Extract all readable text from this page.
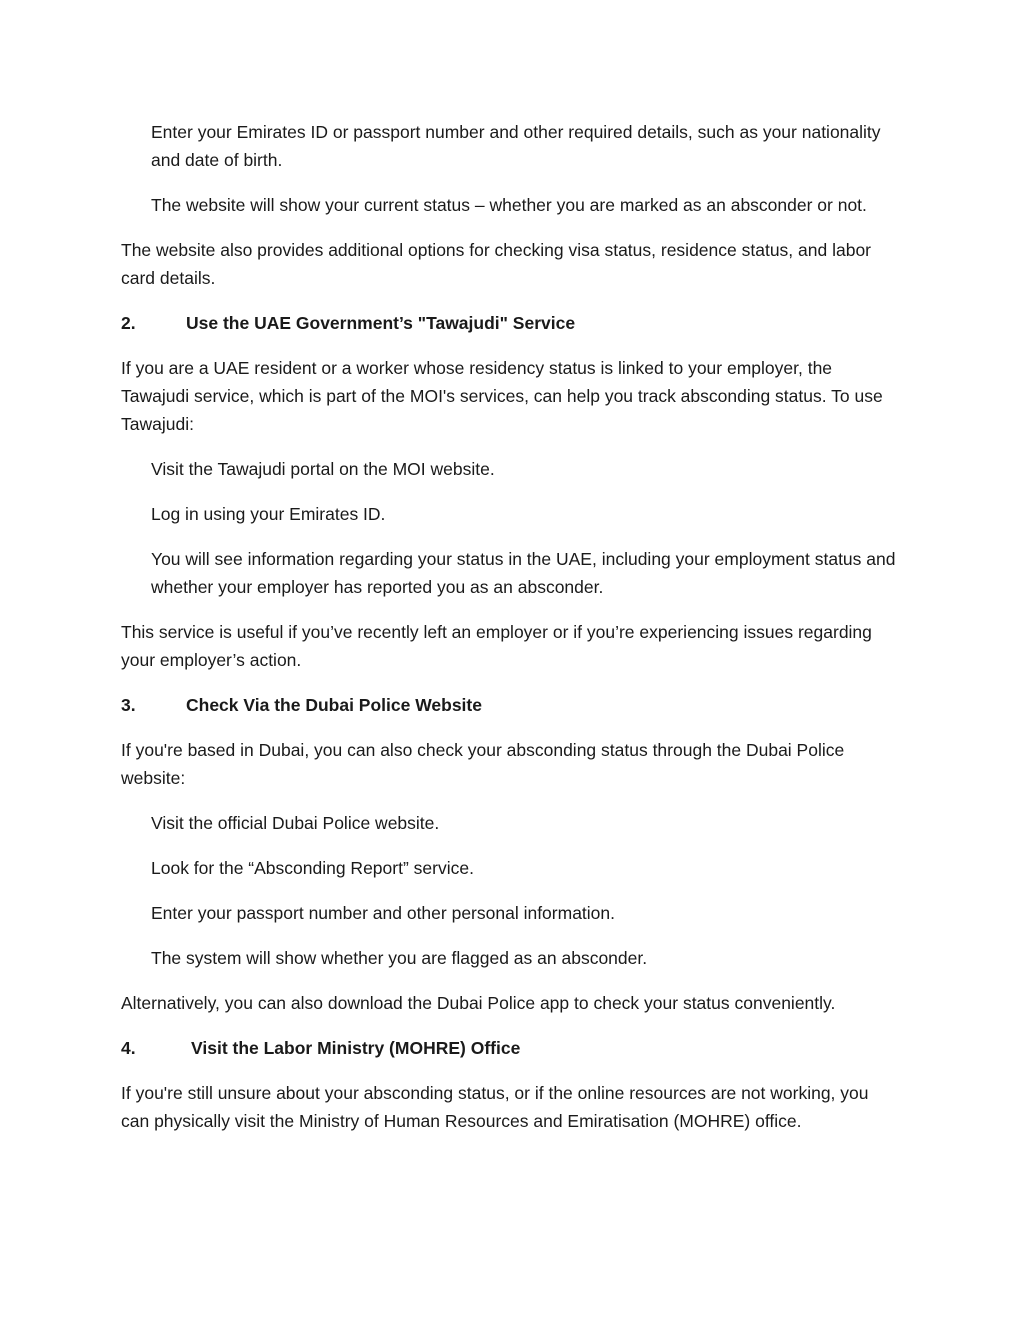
Enter your Emirates ID or passport number and other required details, such as your nationality and date of birth.

The website will show your current status – whether you are marked as an absconder or not.

The website also provides additional options for checking visa status, residence status, and labor card details.

2.	Use the UAE Government’s "Tawajudi" Service

If you are a UAE resident or a worker whose residency status is linked to your employer, the Tawajudi service, which is part of the MOI's services, can help you track absconding status. To use Tawajudi:

Visit the Tawajudi portal on the MOI website.

Log in using your Emirates ID.

You will see information regarding your status in the UAE, including your employment status and whether your employer has reported you as an absconder.

This service is useful if you’ve recently left an employer or if you’re experiencing issues regarding your employer’s action.

3.	Check Via the Dubai Police Website

If you're based in Dubai, you can also check your absconding status through the Dubai Police website:

Visit the official Dubai Police website.

Look for the “Absconding Report” service.

Enter your passport number and other personal information.

The system will show whether you are flagged as an absconder.

Alternatively, you can also download the Dubai Police app to check your status conveniently.

4.	Visit the Labor Ministry (MOHRE) Office

If you're still unsure about your absconding status, or if the online resources are not working, you can physically visit the Ministry of Human Resources and Emiratisation (MOHRE) office.
